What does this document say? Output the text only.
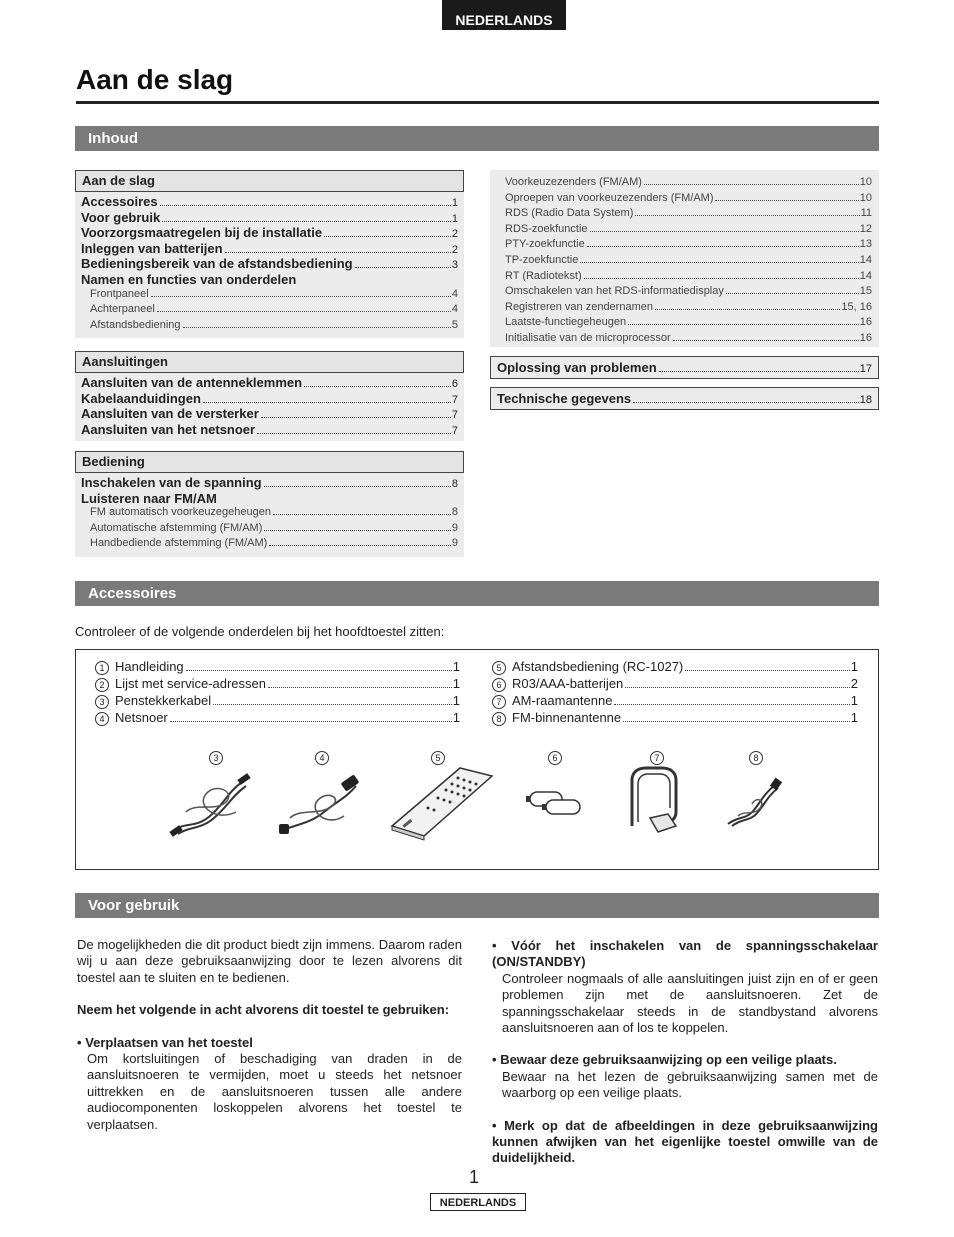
NEDERLANDS
Aan de slag
Inhoud
Aan de slag
Accessoires	1
Voor gebruik	1
Voorzorgsmaatregelen bij de installatie	2
Inleggen van batterijen	2
Bedieningsbereik van de afstandsbediening	3
Namen en functies van onderdelen
Frontpaneel	4
Achterpaneel	4
Afstandsbediening	5
Aansluitingen
Aansluiten van de antenneklemmen	6
Kabelaanduidingen	7
Aansluiten van de versterker	7
Aansluiten van het netsnoer	7
Bediening
Inschakelen van de spanning	8
Luisteren naar FM/AM
FM automatisch voorkeuzegeheugen	8
Automatische afstemming (FM/AM)	9
Handbediende afstemming (FM/AM)	9
Voorkeuzezenders (FM/AM)	10
Oproepen van voorkeuzezenders (FM/AM)	10
RDS (Radio Data System)	11
RDS-zoekfunctie	12
PTY-zoekfunctie	13
TP-zoekfunctie	14
RT (Radiotekst)	14
Omschakelen van het RDS-informatiedisplay	15
Registreren van zendernamen	15, 16
Laatste-functiegeheugen	16
Initialisatie van de microprocessor	16
Oplossing van problemen	17
Technische gegevens	18
Accessoires
Controleer of de volgende onderdelen bij het hoofdtoestel zitten:
1 Handleiding	1
2 Lijst met service-adressen	1
3 Penstekkerkabel	1
4 Netsnoer	1
5 Afstandsbediening (RC-1027)	1
6 R03/AAA-batterijen	2
7 AM-raamantenne	1
8 FM-binnenantenne	1
3	4	5	6	7	8
Voor gebruik

De mogelijkheden die dit product biedt zijn immens. Daarom raden wij u aan deze gebruiksaanwijzing door te lezen alvorens dit toestel aan te sluiten en te bedienen.

Neem het volgende in acht alvorens dit toestel te gebruiken:

• Verplaatsen van het toestel

Om kortsluitingen of beschadiging van draden in de aansluitsnoeren te vermijden, moet u steeds het netsnoer uittrekken en de aansluitsnoeren tussen alle andere audiocomponenten loskoppelen alvorens het toestel te verplaatsen.

• Vóór het inschakelen van de spanningsschakelaar (ON/STANDBY)

Controleer nogmaals of alle aansluitingen juist zijn en of er geen problemen zijn met de aansluitsnoeren. Zet de spanningsschakelaar steeds in de standbystand alvorens aansluitsnoeren aan of los te koppelen.

• Bewaar deze gebruiksaanwijzing op een veilige plaats.

Bewaar na het lezen de gebruiksaanwijzing samen met de waarborg op een veilige plaats.

• Merk op dat de afbeeldingen in deze gebruiksaanwijzing kunnen afwijken van het eigenlijke toestel omwille van de duidelijkheid.

1
NEDERLANDS
